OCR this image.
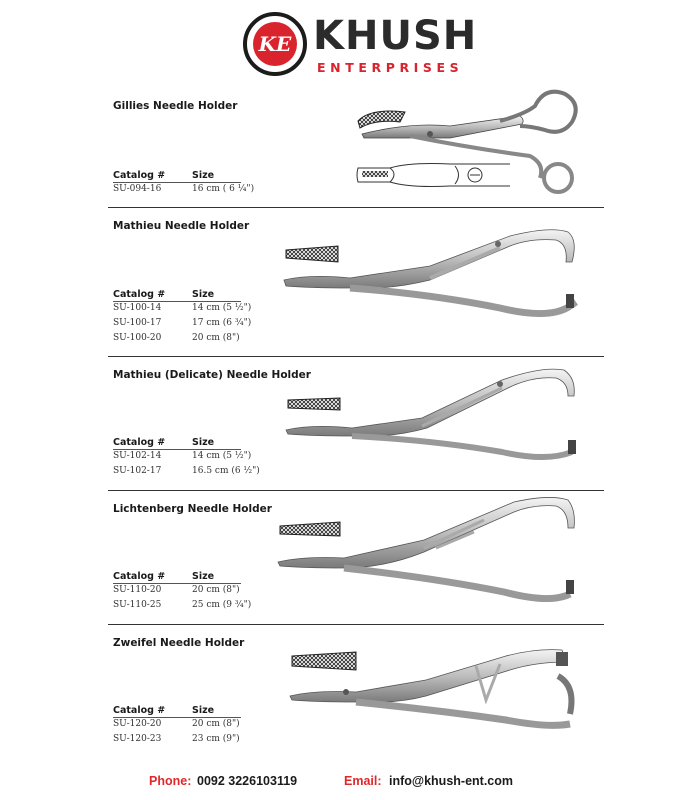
KE KHUSH
ENTERPRISES
Gillies Needle Holder
Catalog #	Size
SU-094-16	16 cm ( 6 ¼")
Mathieu Needle Holder
Catalog #	Size
SU-100-14	14 cm (5 ½")
SU-100-17	17 cm (6 ¾")
SU-100-20	20 cm (8")
Mathieu (Delicate) Needle Holder
Catalog #	Size
SU-102-14	14 cm (5 ½")
SU-102-17	16.5 cm (6 ½")
Lichtenberg Needle Holder
Catalog #	Size
SU-110-20	20 cm (8")
SU-110-25	25 cm (9 ¾")
Zweifel Needle Holder
Catalog #	Size
SU-120-20	20 cm (8")
SU-120-23	23 cm (9")
Phone: 0092 3226103119	Email: info@khush-ent.com
